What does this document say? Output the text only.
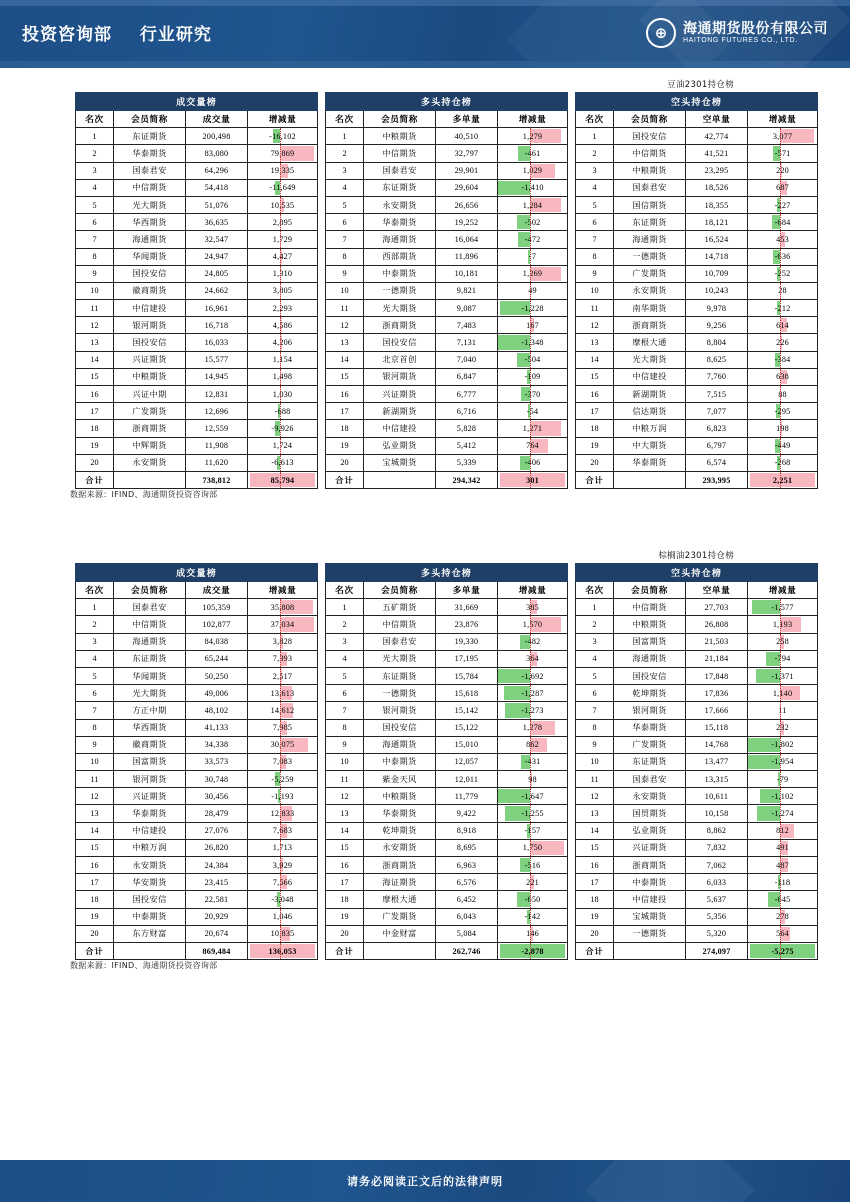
投资咨询部 行业研究	⊕ 海通期货股份有限公司
HAITONG FUTURES CO., LTD.
豆油2301持仓榜
成交量榜					多头持仓榜					空头持仓榜			
名次	会员简称	成交量	增减量		名次	会员简称	多单量	增减量		名次	会员简称	空单量	增减量
1	东证期货	200,498	-16,102		1	中粮期货	40,510	1,279		1	国投安信	42,774	3,077
2	华泰期货	83,080	79,869		2	中信期货	32,797	-461		2	中信期货	41,521	-571
3	国泰君安	64,296	19,335		3	国泰君安	29,901	1,029		3	中粮期货	23,295	220
4	中信期货	54,418	-11,649		4	东证期货	29,604	-1,410		4	国泰君安	18,526	687
5	光大期货	51,076	10,535		5	永安期货	26,656	1,284		5	国信期货	18,355	-227
6	华西期货	36,635	2,895		6	华泰期货	19,252	-502		6	东证期货	18,121	-684
7	海通期货	32,547	1,729		7	海通期货	16,064	-472		7	海通期货	16,524	453
8	华闻期货	24,947	4,427		8	西部期货	11,896	-7		8	一德期货	14,718	-636
9	国投安信	24,805	1,310		9	中泰期货	10,181	1,269		9	广发期货	10,709	-252
10	徽商期货	24,662	3,805		10	一德期货	9,821	49		10	永安期货	10,243	28
11	中信建投	16,961	2,293		11	光大期货	9,087	-1,228		11	南华期货	9,978	-212
12	银河期货	16,718	4,586		12	浙商期货	7,483	167		12	浙商期货	9,256	614
13	国投安信	16,033	4,206		13	国投安信	7,131	-1,348		13	摩根大通	8,804	226
14	兴证期货	15,577	1,154		14	北京首创	7,040	-504		14	光大期货	8,625	-384
15	中粮期货	14,945	1,498		15	银河期货	6,847	-109		15	中信建投	7,760	638
16	兴证中期	12,831	1,030		16	兴证期货	6,777	-370		16	新湖期货	7,515	88
17	广发期货	12,696	-688		17	新湖期货	6,716	-54		17	信达期货	7,077	-295
18	浙商期货	12,559	-9,926		18	中信建投	5,828	1,271		18	中粮万润	6,823	198
19	中辉期货	11,908	1,724		19	弘业期货	5,412	764		19	中大期货	6,797	-449
20	永安期货	11,620	-6,613		20	宝城期货	5,339	-406		20	华泰期货	6,574	-268
合计		738,812	85,794		合计		294,342	301		合计		293,995	2,251
数据来源：IFIND、海通期货投资咨询部
棕榈油2301持仓榜
成交量榜					多头持仓榜					空头持仓榜			
名次	会员简称	成交量	增减量		名次	会员简称	多单量	增减量		名次	会员简称	空单量	增减量
1	国泰君安	105,359	35,808		1	五矿期货	31,669	385		1	中信期货	27,703	-1,577
2	中信期货	102,877	37,034		2	中信期货	23,876	1,570		2	中粮期货	26,808	1,193
3	海通期货	84,038	3,828		3	国泰君安	19,330	-482		3	国富期货	21,503	258
4	东证期货	65,244	7,393		4	光大期货	17,195	364		4	海通期货	21,184	-794
5	华闻期货	50,250	2,517		5	东证期货	15,784	-1,692		5	国投安信	17,848	-1,371
6	光大期货	49,006	13,613		6	一德期货	15,618	-1,287		6	乾坤期货	17,836	1,140
7	方正中期	48,102	14,612		7	银河期货	15,142	-1,273		7	银河期货	17,666	11
8	华西期货	41,133	7,985		8	国投安信	15,122	1,278		8	华泰期货	15,118	232
9	徽商期货	34,338	30,075		9	海通期货	15,010	862		9	广发期货	14,768	-1,802
10	国富期货	33,573	7,083		10	中泰期货	12,057	-431		10	东证期货	13,477	-1,954
11	银河期货	30,748	-5,259		11	紫金天风	12,011	98		11	国泰君安	13,315	-79
12	兴证期货	30,456	-1,193		12	中粮期货	11,779	-1,647		12	永安期货	10,611	-1,102
13	华泰期货	28,479	12,833		13	华泰期货	9,422	-1,255		13	国贸期货	10,158	-1,274
14	中信建投	27,076	7,683		14	乾坤期货	8,918	-157		14	弘业期货	8,862	812
15	中粮万润	26,820	1,713		15	永安期货	8,695	1,750		15	兴证期货	7,832	491
16	永安期货	24,384	3,929		16	浙商期货	6,963	-516		16	浙商期货	7,062	487
17	华安期货	23,415	7,566		17	海证期货	6,576	221		17	中泰期货	6,033	-118
18	国投安信	22,581	-3,048		18	摩根大通	6,452	-650		18	中信建投	5,637	-645
19	中泰期货	20,929	1,046		19	广发期货	6,043	-142		19	宝城期货	5,356	278
20	东方财富	20,674	10,835		20	中金财富	5,084	146		20	一德期货	5,320	564
合计		869,484	136,053		合计		262,746	-2,878		合计		274,097	-5,275
数据来源：IFIND、海通期货投资咨询部
请务必阅读正文后的法律声明
